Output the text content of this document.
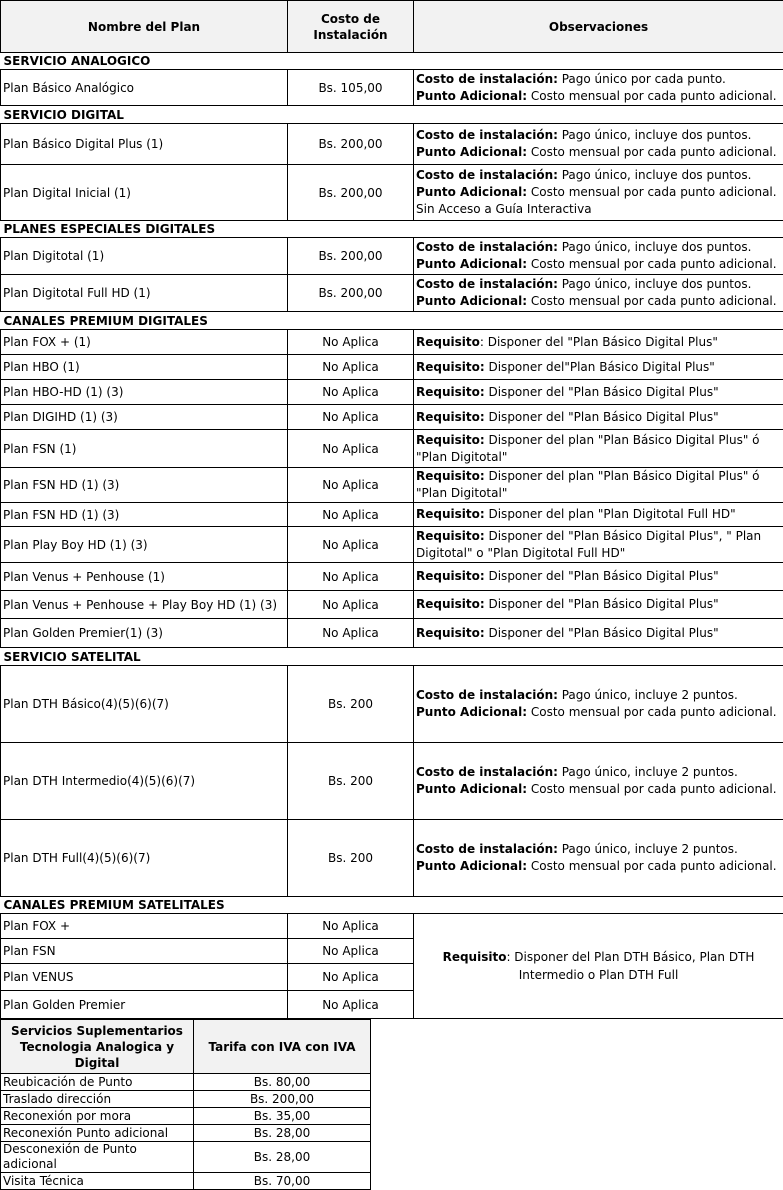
Nombre del Plan	Costo de Instalación	Observaciones
SERVICIO ANALOGICO		
Plan Básico Analógico	Bs. 105,00	Costo de instalación: Pago único por cada punto.
Punto Adicional: Costo mensual por cada punto adicional.

SERVICIO DIGITAL		
Plan Básico Digital Plus (1)	Bs. 200,00	Costo de instalación: Pago único, incluye dos puntos.
Punto Adicional: Costo mensual por cada punto adicional.

Plan Digital Inicial (1)	Bs. 200,00	Costo de instalación: Pago único, incluye dos puntos.
Punto Adicional: Costo mensual por cada punto adicional.
Sin Acceso a Guía Interactiva

PLANES ESPECIALES DIGITALES		
Plan Digitotal (1)	Bs. 200,00	Costo de instalación: Pago único, incluye dos puntos.
Punto Adicional: Costo mensual por cada punto adicional.

Plan Digitotal Full HD (1)	Bs. 200,00	Costo de instalación: Pago único, incluye dos puntos.
Punto Adicional: Costo mensual por cada punto adicional.

CANALES PREMIUM DIGITALES		
Plan FOX + (1)	No Aplica	Requisito: Disponer del "Plan Básico Digital Plus"

Plan HBO (1)	No Aplica	Requisito: Disponer del"Plan Básico Digital Plus"

Plan HBO-HD (1) (3)	No Aplica	Requisito: Disponer del "Plan Básico Digital Plus"

Plan DIGIHD (1) (3)	No Aplica	Requisito: Disponer del "Plan Básico Digital Plus"

Plan FSN (1)	No Aplica	Requisito: Disponer del plan "Plan Básico Digital Plus" ó "Plan Digitotal"

Plan FSN HD (1) (3)	No Aplica	Requisito: Disponer del plan "Plan Básico Digital Plus" ó "Plan Digitotal"

Plan FSN HD (1) (3)	No Aplica	Requisito: Disponer del plan "Plan Digitotal Full HD"

Plan Play Boy HD (1) (3)	No Aplica	Requisito: Disponer del "Plan Básico Digital Plus", " Plan Digitotal" o "Plan Digitotal Full HD"

Plan Venus + Penhouse (1)	No Aplica	Requisito: Disponer del "Plan Básico Digital Plus"

Plan Venus + Penhouse + Play Boy HD (1) (3)	No Aplica	Requisito: Disponer del "Plan Básico Digital Plus"

Plan Golden Premier(1) (3)	No Aplica	Requisito: Disponer del "Plan Básico Digital Plus"

SERVICIO SATELITAL		
Plan DTH Básico(4)(5)(6)(7)	Bs. 200	Costo de instalación: Pago único, incluye 2 puntos.
Punto Adicional: Costo mensual por cada punto adicional.

Plan DTH Intermedio(4)(5)(6)(7)	Bs. 200	Costo de instalación: Pago único, incluye 2 puntos.
Punto Adicional: Costo mensual por cada punto adicional.

Plan DTH Full(4)(5)(6)(7)	Bs. 200	Costo de instalación: Pago único, incluye 2 puntos.
Punto Adicional: Costo mensual por cada punto adicional.

CANALES PREMIUM SATELITALES		
Plan FOX +	No Aplica	Requisito: Disponer del Plan DTH Básico, Plan DTH Intermedio o Plan DTH Full
Plan FSN	No Aplica	
Plan VENUS	No Aplica	
Plan Golden Premier	No Aplica	
Servicios Suplementarios Tecnologia Analogica y Digital	Tarifa con IVA con IVA
Reubicación de Punto	Bs. 80,00
Traslado dirección	Bs. 200,00
Reconexión por mora	Bs. 35,00
Reconexión Punto adicional	Bs. 28,00
Desconexión de Punto adicional	Bs. 28,00
Visita Técnica	Bs. 70,00
